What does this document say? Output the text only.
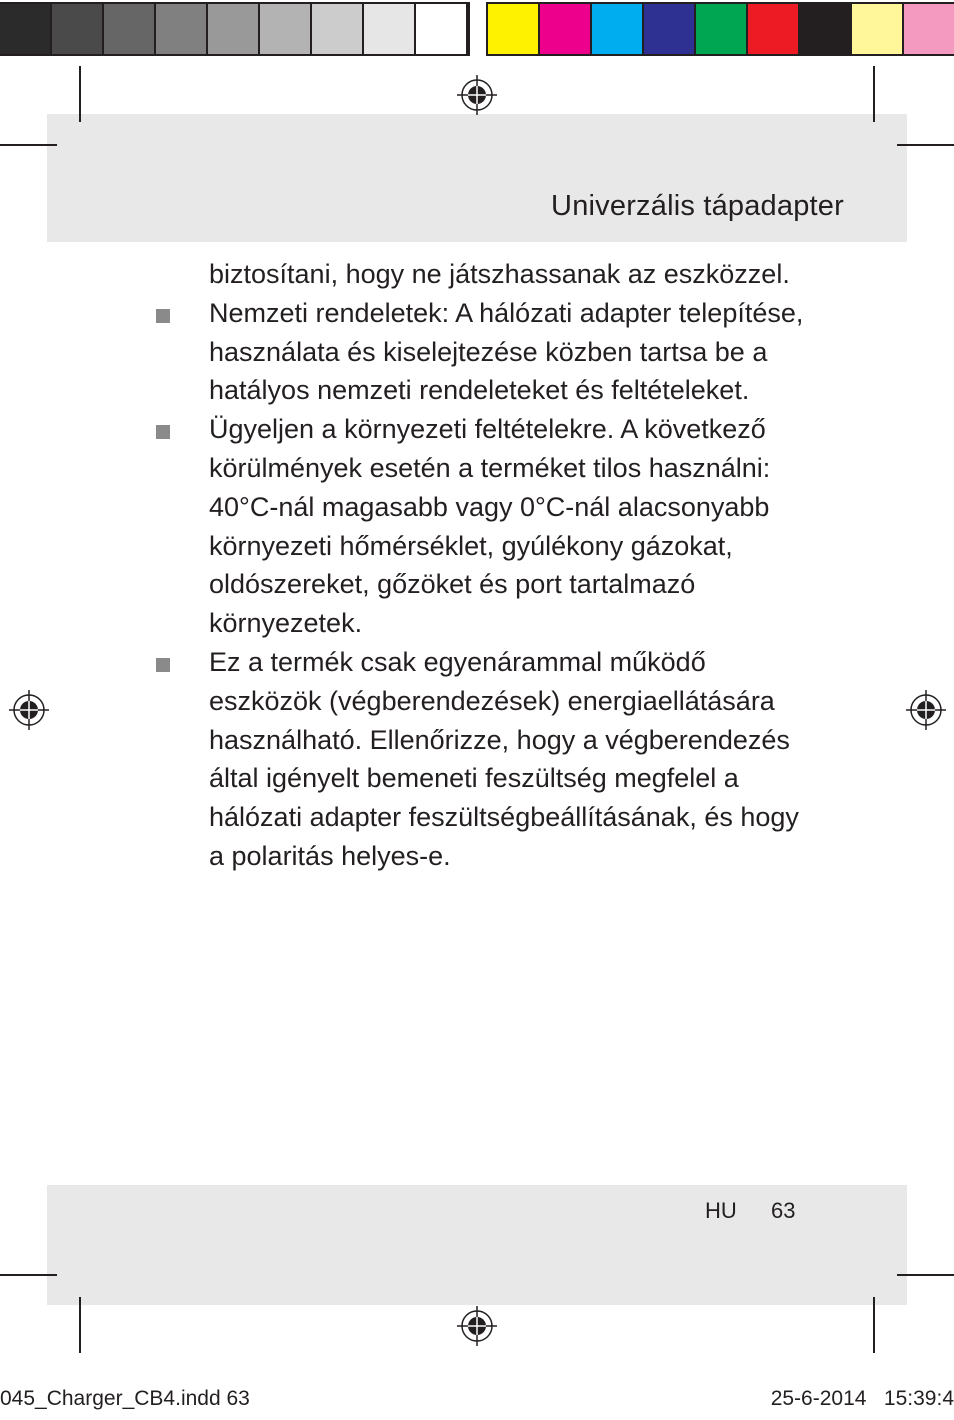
Univerzális tápadapter

biztosítani, hogy ne játszhassanak az eszközzel.

Nemzeti rendeletek: A hálózati adapter telepítése, használata és kiselejtezése közben tartsa be a hatályos nemzeti rendeleteket és feltételeket.
Ügyeljen a környezeti feltételekre. A következő körülmények esetén a terméket tilos használni: 40°C-nál magasabb vagy 0°C-nál alacsonyabb környezeti hőmérséklet, gyúlékony gázokat, oldószereket, gőzöket és port tartalmazó környezetek.
Ez a termék csak egyenárammal működő eszközök (végberendezések) energiaellátására használható. Ellenőrizze, hogy a végberendezés által igényelt bemeneti feszültség megfelel a hálózati adapter feszültségbeállításának, és hogy a polaritás helyes-e.
HU 63
045_Charger_CB4.indd 63	25-6-2014   15:39:4
